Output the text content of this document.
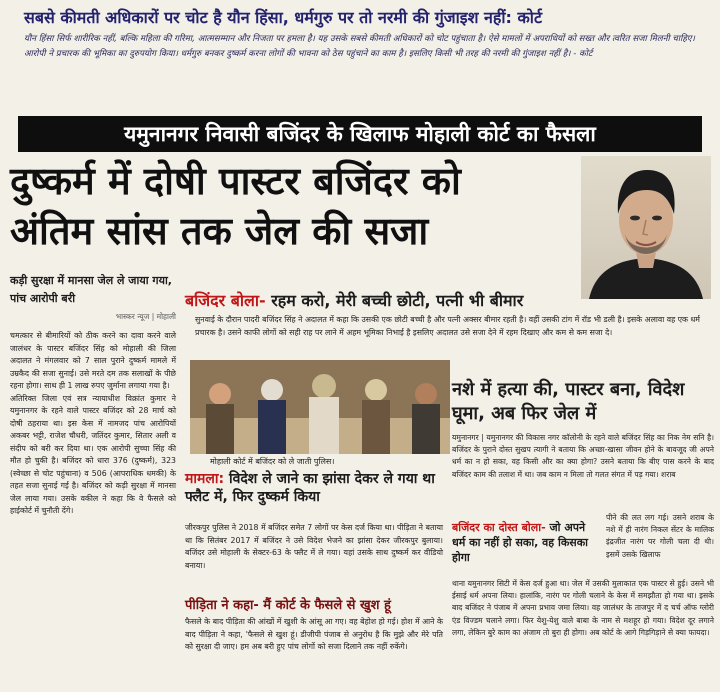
सबसे कीमती अधिकारों पर चोट है यौन हिंसा, धर्मगुरु पर तो नरमी की गुंजाइश नहीं: कोर्ट
यौन हिंसा सिर्फ शारीरिक नहीं, बल्कि महिला की गरिमा, आत्मसम्मान और निजता पर हमला है। यह उसके सबसे कीमती अधिकारों को चोट पहुंचाता है। ऐसे मामलों में अपराधियों को सख्त और त्वरित सजा मिलनी चाहिए। आरोपी ने प्रचारक की भूमिका का दुरुपयोग किया। धर्मगुरु बनकर दुष्कर्म करना लोगों की भावना को ठेस पहुंचाने का काम है। इसलिए किसी भी तरह की नरमी की गुंजाइश नहीं है। - कोर्ट
यमुनानगर निवासी बजिंदर के खिलाफ मोहाली कोर्ट का फैसला
दुष्कर्म में दोषी पास्टर बजिंदर को
अंतिम सांस तक जेल की सजा
कड़ी सुरक्षा में मानसा जेल ले जाया गया, पांच आरोपी बरी
भास्कर न्यूज | मोहाली
चमत्कार से बीमारियों को ठीक करने का दावा करने वाले जालंधर के पास्टर बजिंदर सिंह को मोहाली की जिला अदालत ने मंगलवार को 7 साल पुराने दुष्कर्म मामले में उम्रकैद की सजा सुनाई। उसे मरते दम तक सलाखों के पीछे रहना होगा। साथ ही 1 लाख रुपए जुर्माना लगाया गया है।
अतिरिक्त जिला एवं सत्र न्यायाधीश विक्रांत कुमार ने यमुनानगर के रहने वाले पास्टर बजिंदर को 28 मार्च को दोषी ठहराया था। इस केस में नामजद पांच आरोपियों अकबर भट्टी, राजेश चौधरी, जतिंदर कुमार, सितार अली व संदीप को बरी कर दिया था। एक आरोपी सुच्चा सिंह की मौत हो चुकी है। बजिंदर को धारा 376 (दुष्कर्म), 323 (स्वेच्छा से चोट पहुंचाना) व 506 (आपराधिक धमकी) के तहत सजा सुनाई गई है। बजिंदर को कड़ी सुरक्षा में मानसा जेल लाया गया। उसके वकील ने कहा कि वे फैसले को हाईकोर्ट में चुनौती देंगे।
बजिंदर बोला- रहम करो, मेरी बच्ची छोटी, पत्नी भी बीमार
सुनवाई के दौरान पादरी बजिंदर सिंह ने अदालत में कहा कि उसकी एक छोटी बच्ची है और पत्नी अक्सर बीमार रहती है। वहीं उसकी टांग में रॉड भी डली है। इसके अलावा वह एक धर्म प्रचारक है। उसने काफी लोगों को सही राह पर लाने में अहम भूमिका निभाई है इसलिए अदालत उसे सजा देने में रहम दिखाए और कम से कम सजा दे।
मोहाली कोर्ट में बजिंदर को ले जाती पुलिस।
मामला: विदेश ले जाने का झांसा देकर ले गया था फ्लैट में, फिर दुष्कर्म किया
जीरकपुर पुलिस ने 2018 में बजिंदर समेत 7 लोगों पर केस दर्ज किया था। पीड़िता ने बताया था कि सितंबर 2017 में बजिंदर ने उसे विदेश भेजने का झांसा देकर जीरकपुर बुलाया। बजिंदर उसे मोहाली के सेक्टर-63 के फ्लैट में ले गया। यहां उसके साथ दुष्कर्म कर वीडियो बनाया।
पीड़िता ने कहा- मैं कोर्ट के फैसले से खुश हूं
फैसले के बाद पीड़िता की आंखों में खुशी के आंसू आ गए। वह बेहोश हो गई। होश में आने के बाद पीड़िता ने कहा, 'फैसले से खुश हूं। डीजीपी पंजाब से अनुरोध है कि मुझे और मेरे पति को सुरक्षा दी जाए। हम अब बरी हुए पांच लोगों को सजा दिलाने तक नहीं रुकेंगे।
नशे में हत्या की, पास्टर बना, विदेश घूमा, अब फिर जेल में
यमुनानगर | यमुनानगर की विकास नगर कॉलोनी के रहने वाले बजिंदर सिंह का निक नेम सनि है। बजिंदर के पुराने दोस्त सुखप त्यागी ने बताया कि अच्छा-खासा जीवन होने के बावजूद जी अपने धर्म का न हो सका, वह किसी और का क्या होगा? उसने बताया कि बीए पास करने के बाद बजिंदर काम की तलाश में था। जब काम न मिला तो गलत संगत में पड़ गया। शराब
बजिंदर का दोस्त बोला- जो अपने धर्म का नहीं हो सका, वह किसका होगा
पीने की लत लग गई। उसने शराब के नशे में ही नारंग निकल सेंटर के मालिक इंद्रजीत नारंग पर गोली चला दी थी। इसमें उसके खिलाफ
थाना यमुनानगर सिटी में केस दर्ज हुआ था। जेल में उसकी मुलाकात एक पास्टर से हुई। उसने भी ईसाई धर्म अपना लिया। हालांकि, नारंग पर गोली चलाने के केस में समझौता हो गया था। इसके बाद बजिंदर ने पंजाब में अपना प्रभाव जमा लिया। वह जालंधर के ताजपुर में द चर्च ऑफ ग्लोरी एंड विज्डम चलाने लगा। फिर येशु-येशु वाले बाबा के नाम से मशहूर हो गया। विदेश दूर लगाने लगा, लेकिन बुरे काम का अंजाम तो बुरा ही होगा। अब कोर्ट के आगे गिड़गिड़ाने से क्या फायदा।
